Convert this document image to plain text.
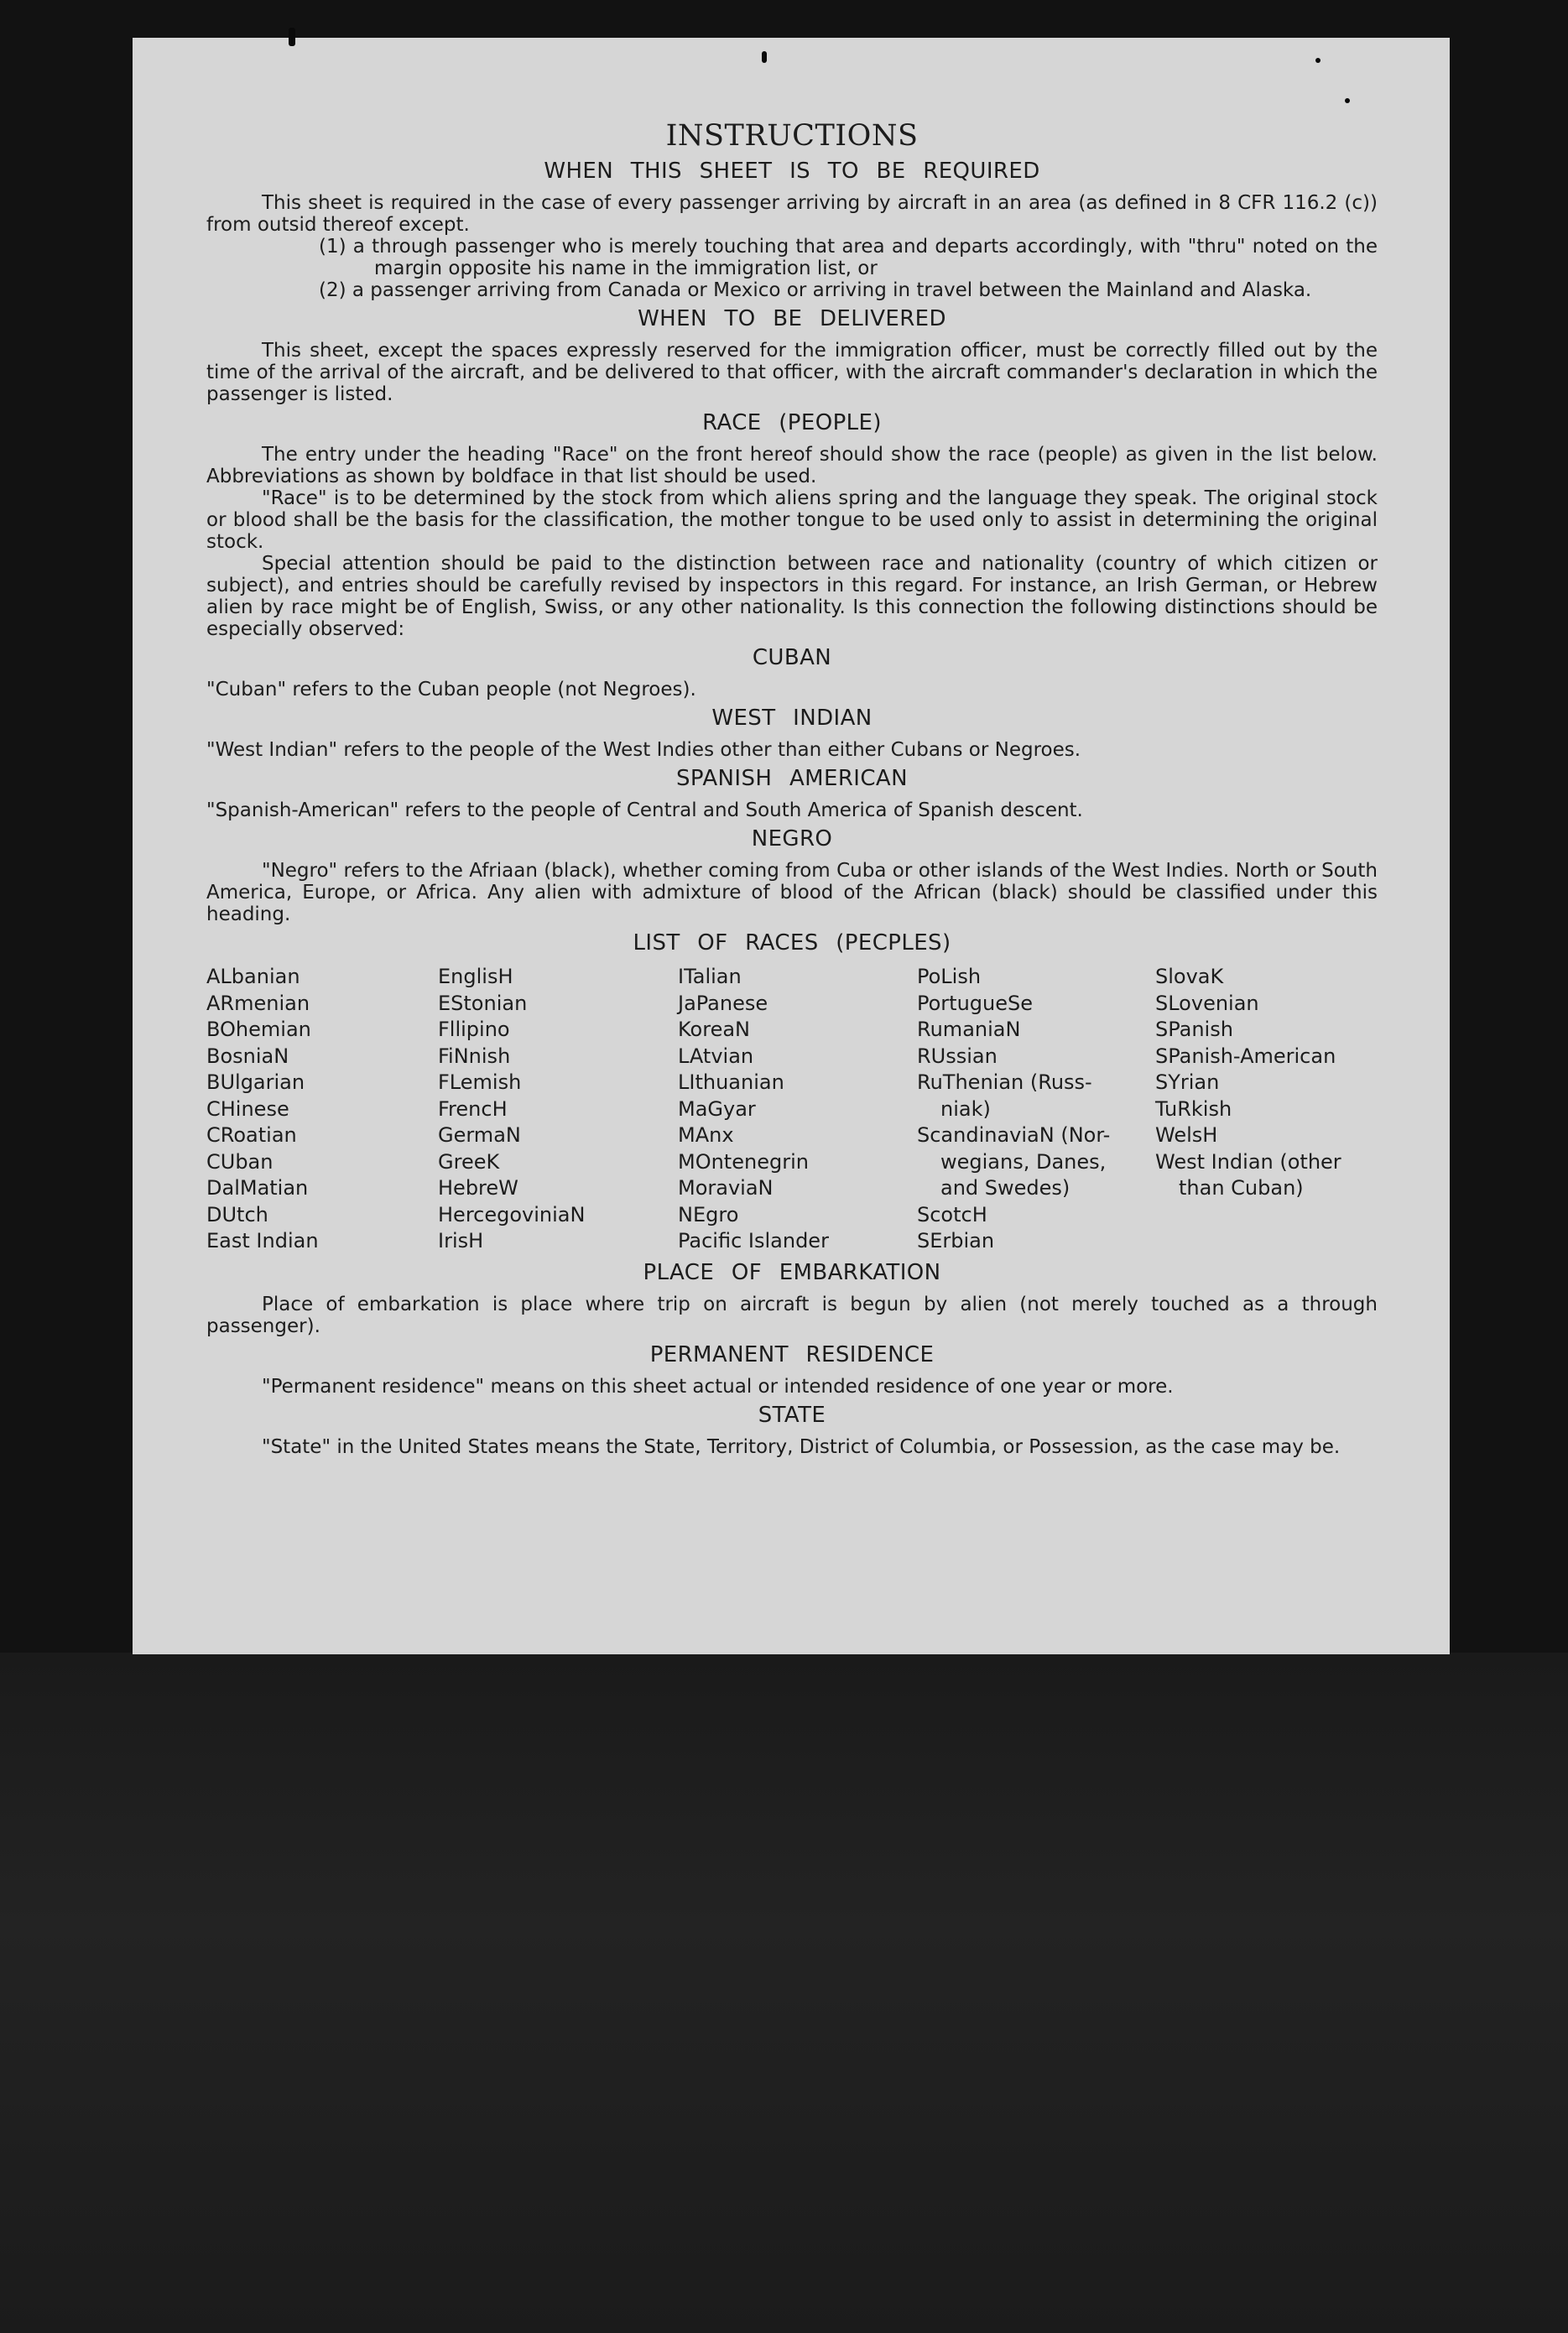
INSTRUCTIONS
WHEN THIS SHEET IS TO BE REQUIRED

This sheet is required in the case of every passenger arriving by aircraft in an area (as defined in 8 CFR 116.2 (c)) from outsid thereof except.

(1) a through passenger who is merely touching that area and departs accordingly, with "thru" noted on the margin opposite his name in the immigration list, or

(2) a passenger arriving from Canada or Mexico or arriving in travel between the Mainland and Alaska.

WHEN TO BE DELIVERED

This sheet, except the spaces expressly reserved for the immigration officer, must be correctly filled out by the time of the arrival of the aircraft, and be delivered to that officer, with the aircraft commander's declaration in which the passenger is listed.

RACE (PEOPLE)

The entry under the heading "Race" on the front hereof should show the race (people) as given in the list below. Abbreviations as shown by boldface in that list should be used.

"Race" is to be determined by the stock from which aliens spring and the language they speak. The original stock or blood shall be the basis for the classification, the mother tongue to be used only to assist in determining the original stock.

Special attention should be paid to the distinction between race and nationality (country of which citizen or subject), and entries should be carefully revised by inspectors in this regard. For instance, an Irish German, or Hebrew alien by race might be of English, Swiss, or any other nationality. Is this connection the following distinctions should be especially observed:

CUBAN

"Cuban" refers to the Cuban people (not Negroes).

WEST INDIAN

"West Indian" refers to the people of the West Indies other than either Cubans or Negroes.

SPANISH AMERICAN

"Spanish-American" refers to the people of Central and South America of Spanish descent.

NEGRO

"Negro" refers to the Afriaan (black), whether coming from Cuba or other islands of the West Indies. North or South America, Europe, or Africa. Any alien with admixture of blood of the African (black) should be classified under this heading.

LIST OF RACES (PECPLES)
ALbanian
ARmenian
BOhemian
BosniaN
BUlgarian
CHinese
CRoatian
CUban
DalMatian
DUtch
East Indian
EnglisH
EStonian
Fllipino
FiNnish
FLemish
FrencH
GermaN
GreeK
HebreW
HercegoviniaN
IrisH
ITalian
JaPanese
KoreaN
LAtvian
LIthuanian
MaGyar
MAnx
MOntenegrin
MoraviaN
NEgro
Pacific Islander
PoLish
PortugueSe
RumaniaN
RUssian
RuThenian (Russ-
niak)
ScandinaviaN (Nor-
wegians, Danes,
and Swedes)
ScotcH
SErbian
SlovaK
SLovenian
SPanish
SPanish-American
SYrian
TuRkish
WelsH
West Indian (other
than Cuban)
PLACE OF EMBARKATION

Place of embarkation is place where trip on aircraft is begun by alien (not merely touched as a through passenger).

PERMANENT RESIDENCE

"Permanent residence" means on this sheet actual or intended residence of one year or more.

STATE

"State" in the United States means the State, Territory, District of Columbia, or Possession, as the case may be.
